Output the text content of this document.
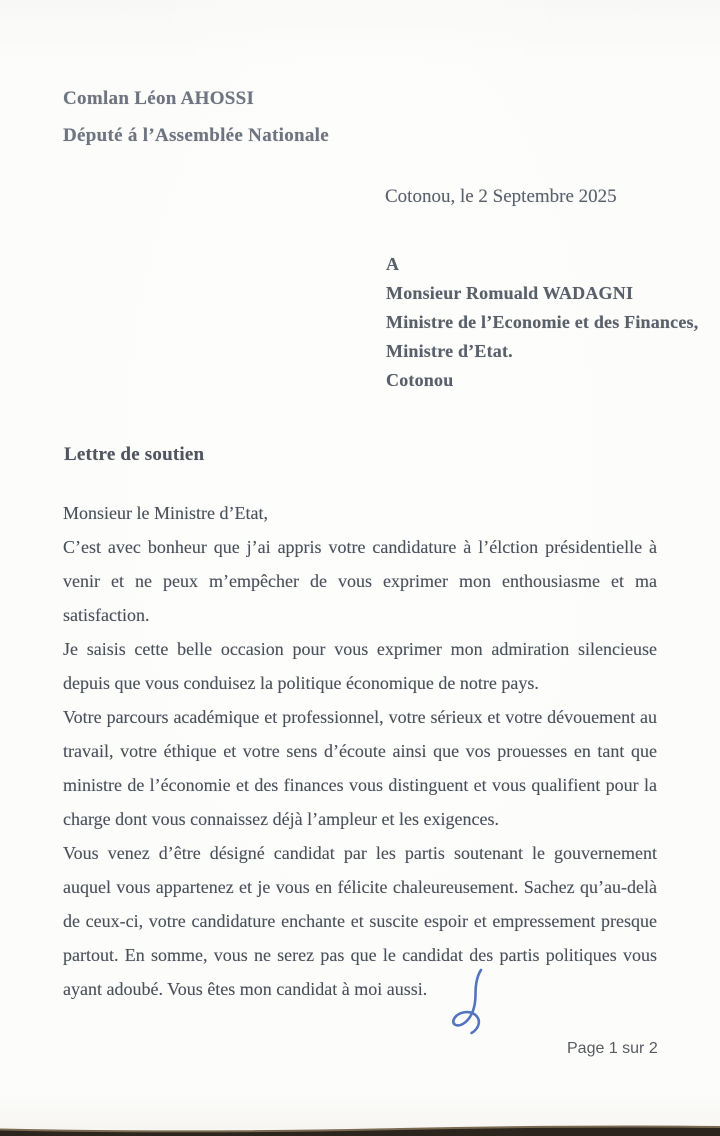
Comlan Léon AHOSSI
Député á l’Assemblée Nationale
Cotonou, le 2 Septembre 2025
A
Monsieur Romuald WADAGNI
Ministre de l’Economie et des Finances,
Ministre d’Etat.
Cotonou
Lettre de soutien

Monsieur le Ministre d’Etat,

C’est avec bonheur que j’ai appris votre candidature à l’élction présidentielle à venir et ne peux m’empêcher de vous exprimer mon enthousiasme et ma satisfaction.

Je saisis cette belle occasion pour vous exprimer mon admiration silencieuse depuis que vous conduisez la politique économique de notre pays.

Votre parcours académique et professionnel, votre sérieux et votre dévouement au travail, votre éthique et votre sens d’écoute ainsi que vos prouesses en tant que ministre de l’économie et des finances vous distinguent et vous qualifient pour la charge dont vous connaissez déjà l’ampleur et les exigences.

Vous venez d’être désigné candidat par les partis soutenant le gouvernement auquel vous appartenez et je vous en félicite chaleureusement. Sachez qu’au-delà de ceux-ci, votre candidature enchante et suscite espoir et empressement presque partout. En somme, vous ne serez pas que le candidat des partis politiques vous ayant adoubé. Vous êtes mon candidat à moi aussi.

Page 1 sur 2
